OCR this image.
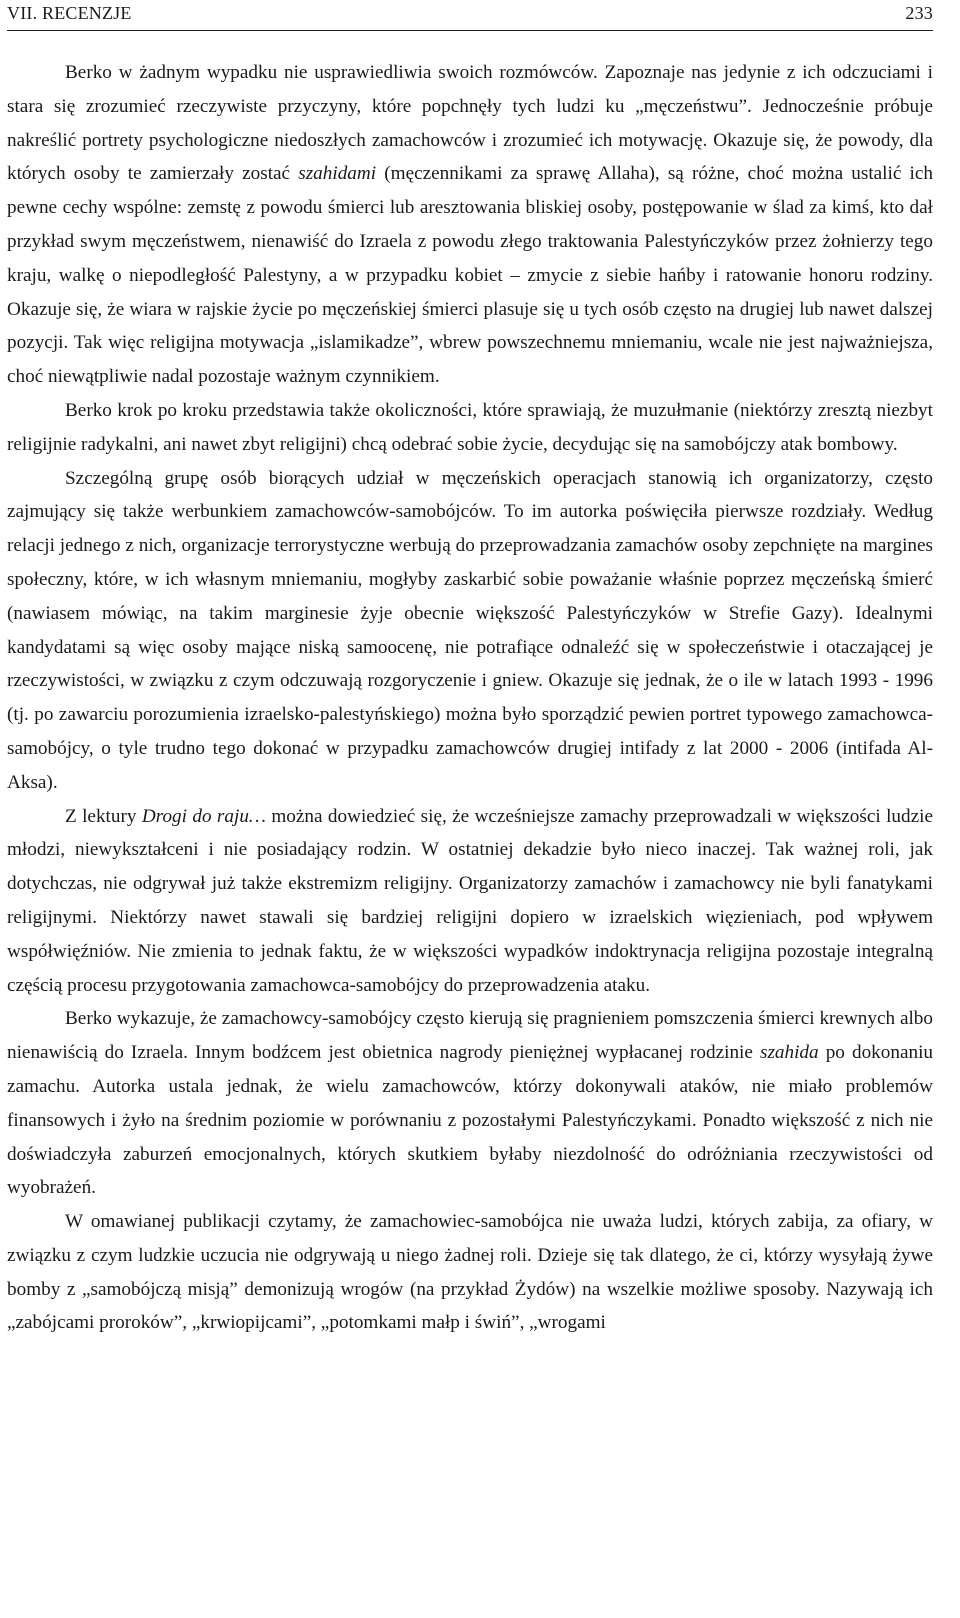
VII. RECENZJE	233

Berko w żadnym wypadku nie usprawiedliwia swoich rozmówców. Zapoznaje nas jedynie z ich odczuciami i stara się zrozumieć rzeczywiste przyczyny, które popchnęły tych ludzi ku „męczeństwu”. Jednocześnie próbuje nakreślić portrety psychologiczne niedoszłych zamachowców i zrozumieć ich motywację. Okazuje się, że powody, dla których osoby te zamierzały zostać szahidami (męczennikami za sprawę Allaha), są różne, choć można ustalić ich pewne cechy wspólne: zemstę z powodu śmierci lub aresztowania bliskiej osoby, postępowanie w ślad za kimś, kto dał przykład swym męczeństwem, nienawiść do Izraela z powodu złego traktowania Palestyńczyków przez żołnierzy tego kraju, walkę o niepodległość Palestyny, a w przypadku kobiet – zmycie z siebie hańby i ratowanie honoru rodziny. Okazuje się, że wiara w rajskie życie po męczeńskiej śmierci plasuje się u tych osób często na drugiej lub nawet dalszej pozycji. Tak więc religijna motywacja „islamikadze”, wbrew powszechnemu mniemaniu, wcale nie jest najważniejsza, choć niewątpliwie nadal pozostaje ważnym czynnikiem.

Berko krok po kroku przedstawia także okoliczności, które sprawiają, że muzułmanie (niektórzy zresztą niezbyt religijnie radykalni, ani nawet zbyt religijni) chcą odebrać sobie życie, decydując się na samobójczy atak bombowy.

Szczególną grupę osób biorących udział w męczeńskich operacjach stanowią ich organizatorzy, często zajmujący się także werbunkiem zamachowców-samobójców. To im autorka poświęciła pierwsze rozdziały. Według relacji jednego z nich, organizacje terrorystyczne werbują do przeprowadzania zamachów osoby zepchnięte na margines społeczny, które, w ich własnym mniemaniu, mogłyby zaskarbić sobie poważanie właśnie poprzez męczeńską śmierć (nawiasem mówiąc, na takim marginesie żyje obecnie większość Palestyńczyków w Strefie Gazy). Idealnymi kandydatami są więc osoby mające niską samoocenę, nie potrafiące odnaleźć się w społeczeństwie i otaczającej je rzeczywistości, w związku z czym odczuwają rozgoryczenie i gniew. Okazuje się jednak, że o ile w latach 1993 - 1996 (tj. po zawarciu porozumienia izraelsko-palestyńskiego) można było sporządzić pewien portret typowego zamachowca-samobójcy, o tyle trudno tego dokonać w przypadku zamachowców drugiej intifady z lat 2000 - 2006 (intifada Al-Aksa).

Z lektury Drogi do raju… można dowiedzieć się, że wcześniejsze zamachy przeprowadzali w większości ludzie młodzi, niewykształceni i nie posiadający rodzin. W ostatniej dekadzie było nieco inaczej. Tak ważnej roli, jak dotychczas, nie odgrywał już także ekstremizm religijny. Organizatorzy zamachów i zamachowcy nie byli fanatykami religijnymi. Niektórzy nawet stawali się bardziej religijni dopiero w izraelskich więzieniach, pod wpływem współwięźniów. Nie zmienia to jednak faktu, że w większości wypadków indoktrynacja religijna pozostaje integralną częścią procesu przygotowania zamachowca-samobójcy do przeprowadzenia ataku.

Berko wykazuje, że zamachowcy-samobójcy często kierują się pragnieniem pomszczenia śmierci krewnych albo nienawiścią do Izraela. Innym bodźcem jest obietnica nagrody pieniężnej wypłacanej rodzinie szahida po dokonaniu zamachu. Autorka ustala jednak, że wielu zamachowców, którzy dokonywali ataków, nie miało problemów finansowych i żyło na średnim poziomie w porównaniu z pozostałymi Palestyńczykami. Ponadto większość z nich nie doświadczyła zaburzeń emocjonalnych, których skutkiem byłaby niezdolność do odróżniania rzeczywistości od wyobrażeń.

W omawianej publikacji czytamy, że zamachowiec-samobójca nie uważa ludzi, których zabija, za ofiary, w związku z czym ludzkie uczucia nie odgrywają u niego żadnej roli. Dzieje się tak dlatego, że ci, którzy wysyłają żywe bomby z „samobójczą misją” demonizują wrogów (na przykład Żydów) na wszelkie możliwe sposoby. Nazywają ich „zabójcami proroków”, „krwiopijcami”, „potomkami małp i świń”, „wrogami
